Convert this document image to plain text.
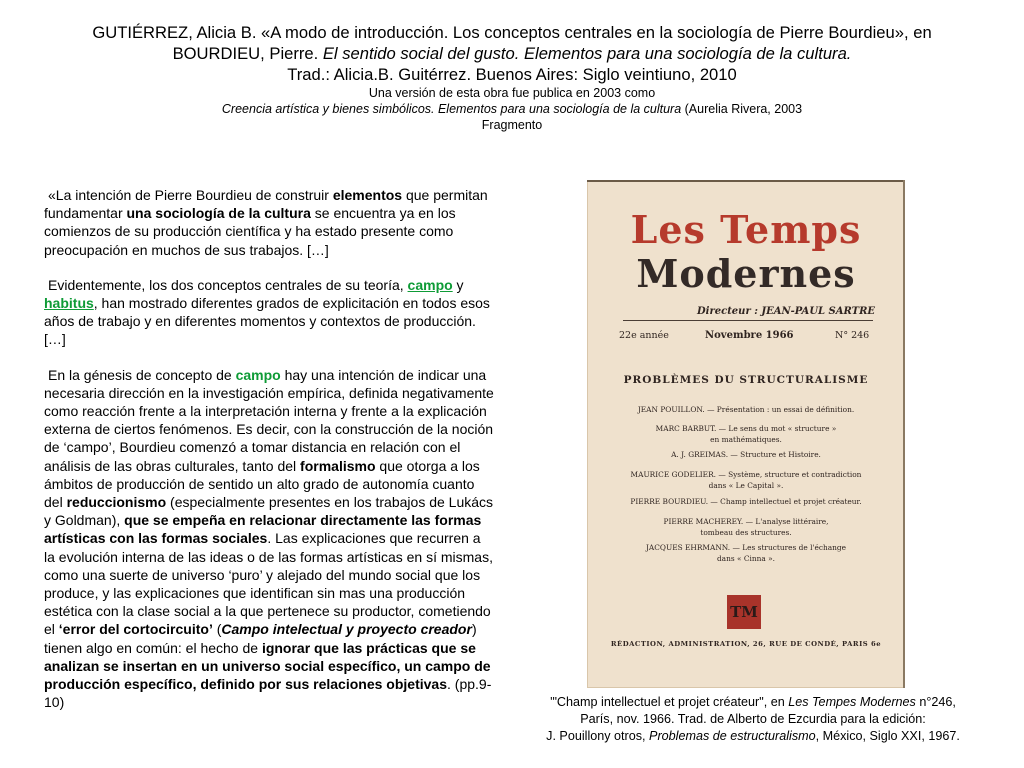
GUTIÉRREZ, Alicia B. «A modo de introducción. Los conceptos centrales en la sociología de Pierre Bourdieu», en
BOURDIEU, Pierre. El sentido social del gusto. Elementos para una sociología de la cultura.
Trad.: Alicia.B. Guitérrez. Buenos Aires: Siglo veintiuno, 2010
Una versión de esta obra fue publica en 2003 como
Creencia artística y bienes simbólicos. Elementos para una sociología de la cultura (Aurelia Rivera, 2003
Fragmento

«La intención de Pierre Bourdieu de construir elementos que permitan fundamentar una sociología de la cultura se encuentra ya en los comienzos de su producción científica y ha estado presente como preocupación en muchos de sus trabajos. […]

Evidentemente, los dos conceptos centrales de su teoría, campo y habitus, han mostrado diferentes grados de explicitación en todos esos años de trabajo y en diferentes momentos y contextos de producción. […]

En la génesis de concepto de campo hay una intención de indicar una necesaria dirección en la investigación empírica, definida negativamente como reacción frente a la interpretación interna y frente a la explicación externa de ciertos fenómenos. Es decir, con la construcción de la noción de ‘campo’, Bourdieu comenzó a tomar distancia en relación con el análisis de las obras culturales, tanto del formalismo que otorga a los ámbitos de producción de sentido un alto grado de autonomía cuanto del reduccionismo (especialmente presentes en los trabajos de Lukács y Goldman), que se empeña en relacionar directamente las formas artísticas con las formas sociales. Las explicaciones que recurren a la evolución interna de las ideas o de las formas artísticas en sí mismas, como una suerte de universo ‘puro’ y alejado del mundo social que los produce, y las explicaciones que identifican sin mas una producción estética con la clase social a la que pertenece su productor, cometiendo el ‘error del cortocircuito’ (Campo intelectual y proyecto creador) tienen algo en común: el hecho de ignorar que las prácticas que se analizan se insertan en un universo social específico, un campo de producción específico, definido por sus relaciones objetivas. (pp.9-10)

Les Temps
Modernes
Directeur : JEAN-PAUL SARTRE
22e année	Novembre 1966	N° 246
PROBLÈMES DU STRUCTURALISME
JEAN POUILLON. — Présentation : un essai de définition.
MARC BARBUT. — Le sens du mot « structure »
en mathématiques.
A. J. GREIMAS. — Structure et Histoire.
MAURICE GODELIER. — Système, structure et contradiction
dans « Le Capital ».
PIERRE BOURDIEU. — Champ intellectuel et projet créateur.
PIERRE MACHEREY. — L'analyse littéraire,
tombeau des structures.
JACQUES EHRMANN. — Les structures de l'échange
dans « Cinna ».
TM
RÉDACTION, ADMINISTRATION, 26, RUE DE CONDÉ, PARIS 6e
'"Champ intellectuel et projet créateur", en Les Tempes Modernes n°246,
París, nov. 1966. Trad. de Alberto de Ezcurdia para la edición:
J. Pouillony otros, Problemas de estructuralismo, México, Siglo XXI, 1967.
